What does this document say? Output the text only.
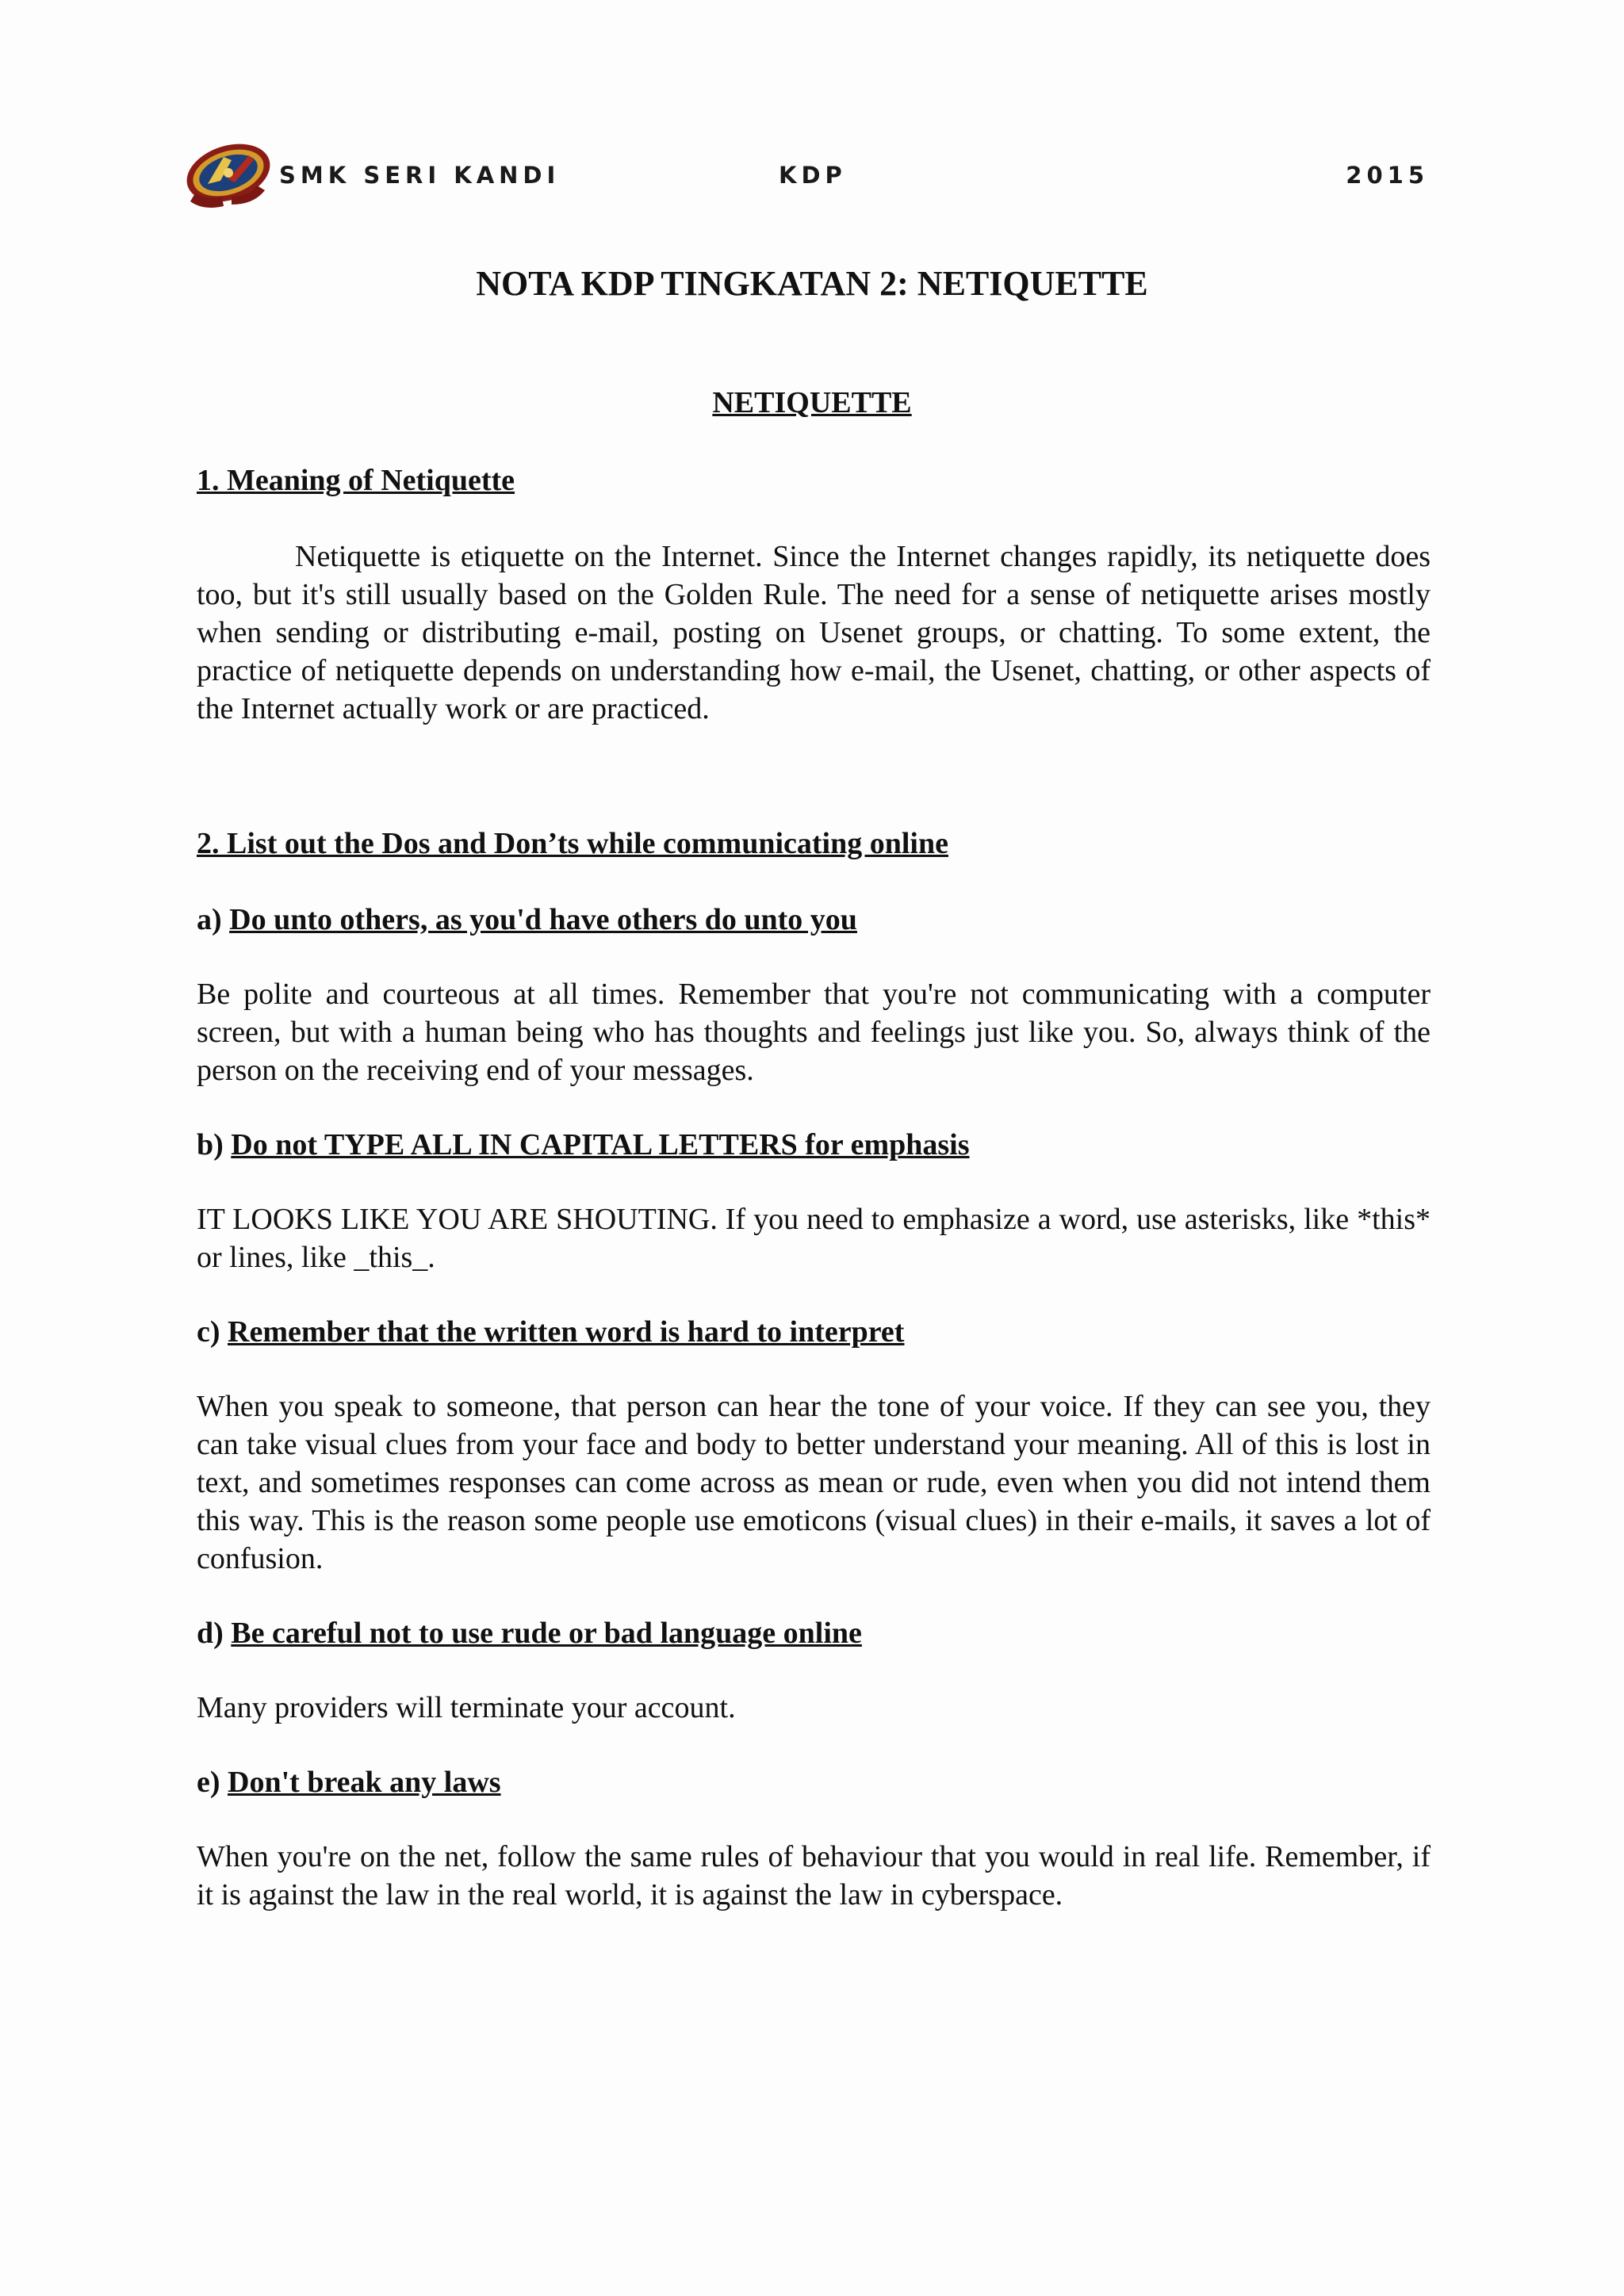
SMK SERI KANDI	KDP	2015
NOTA KDP TINGKATAN 2: NETIQUETTE
NETIQUETTE

1. Meaning of Netiquette

Netiquette is etiquette on the Internet. Since the Internet changes rapidly, its netiquette does too, but it's still usually based on the Golden Rule. The need for a sense of netiquette arises mostly when sending or distributing e-mail, posting on Usenet groups, or chatting. To some extent, the practice of netiquette depends on understanding how e-mail, the Usenet, chatting, or other aspects of the Internet actually work or are practiced.

2. List out the Dos and Don’ts while communicating online

a) Do unto others, as you'd have others do unto you

Be polite and courteous at all times. Remember that you're not communicating with a computer screen, but with a human being who has thoughts and feelings just like you. So, always think of the person on the receiving end of your messages.

b) Do not TYPE ALL IN CAPITAL LETTERS for emphasis

IT LOOKS LIKE YOU ARE SHOUTING. If you need to emphasize a word, use asterisks, like *this* or lines, like _this_.

c) Remember that the written word is hard to interpret

When you speak to someone, that person can hear the tone of your voice. If they can see you, they can take visual clues from your face and body to better understand your meaning. All of this is lost in text, and sometimes responses can come across as mean or rude, even when you did not intend them this way. This is the reason some people use emoticons (visual clues) in their e-mails, it saves a lot of confusion.

d) Be careful not to use rude or bad language online

Many providers will terminate your account.

e) Don't break any laws

When you're on the net, follow the same rules of behaviour that you would in real life. Remember, if it is against the law in the real world, it is against the law in cyberspace.
